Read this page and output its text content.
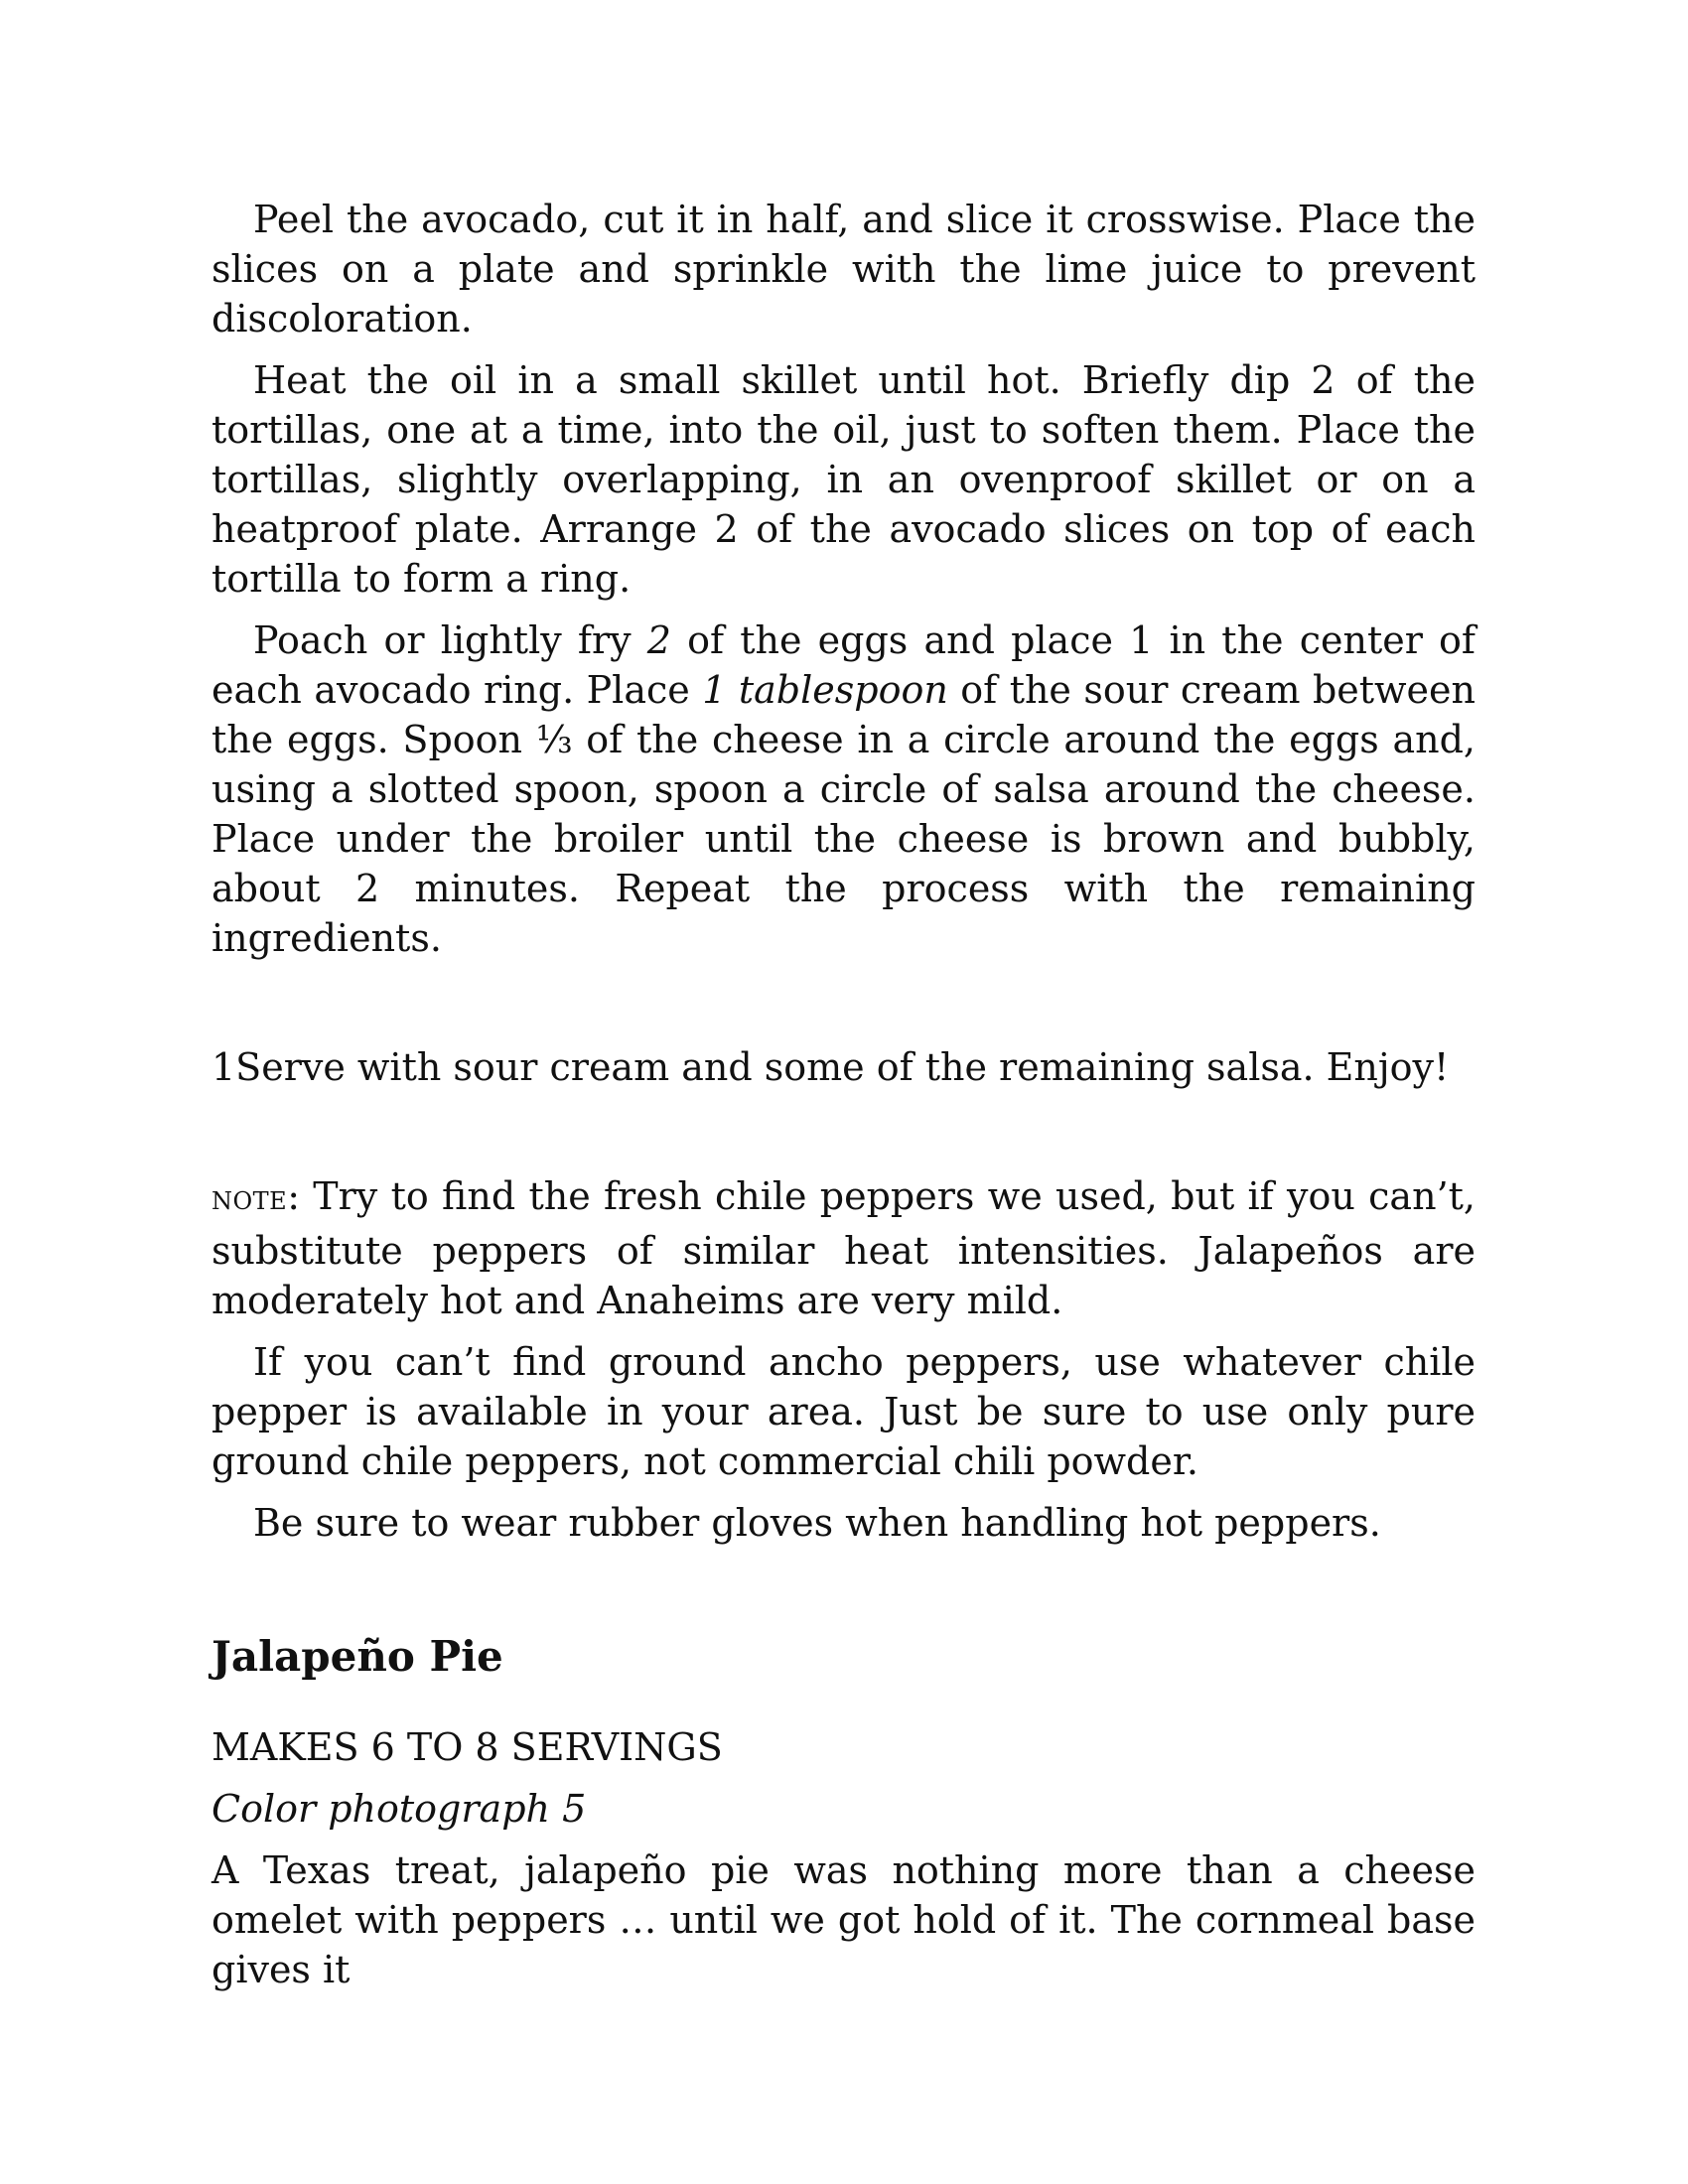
Peel the avocado, cut it in half, and slice it crosswise. Place the slices on a plate and sprinkle with the lime juice to prevent discoloration.

Heat the oil in a small skillet until hot. Briefly dip 2 of the tortillas, one at a time, into the oil, just to soften them. Place the tortillas, slightly overlapping, in an ovenproof skillet or on a heatproof plate. Arrange 2 of the avocado slices on top of each tortilla to form a ring.

Poach or lightly fry 2 of the eggs and place 1 in the center of each avocado ring. Place 1 tablespoon of the sour cream between the eggs. Spoon ⅓ of the cheese in a circle around the eggs and, using a slotted spoon, spoon a circle of salsa around the cheese. Place under the broiler until the cheese is brown and bubbly, about 2 minutes. Repeat the process with the remaining ingredients.

1Serve with sour cream and some of the remaining salsa. Enjoy!

NOTE: Try to find the fresh chile peppers we used, but if you can’t, substitute peppers of similar heat intensities. Jalapeños are moderately hot and Anaheims are very mild.

If you can’t find ground ancho peppers, use whatever chile pepper is available in your area. Just be sure to use only pure ground chile peppers, not commercial chili powder.

Be sure to wear rubber gloves when handling hot peppers.

Jalapeño Pie

MAKES 6 TO 8 SERVINGS

Color photograph 5

A Texas treat, jalapeño pie was nothing more than a cheese omelet with peppers … until we got hold of it. The cornmeal base gives it
